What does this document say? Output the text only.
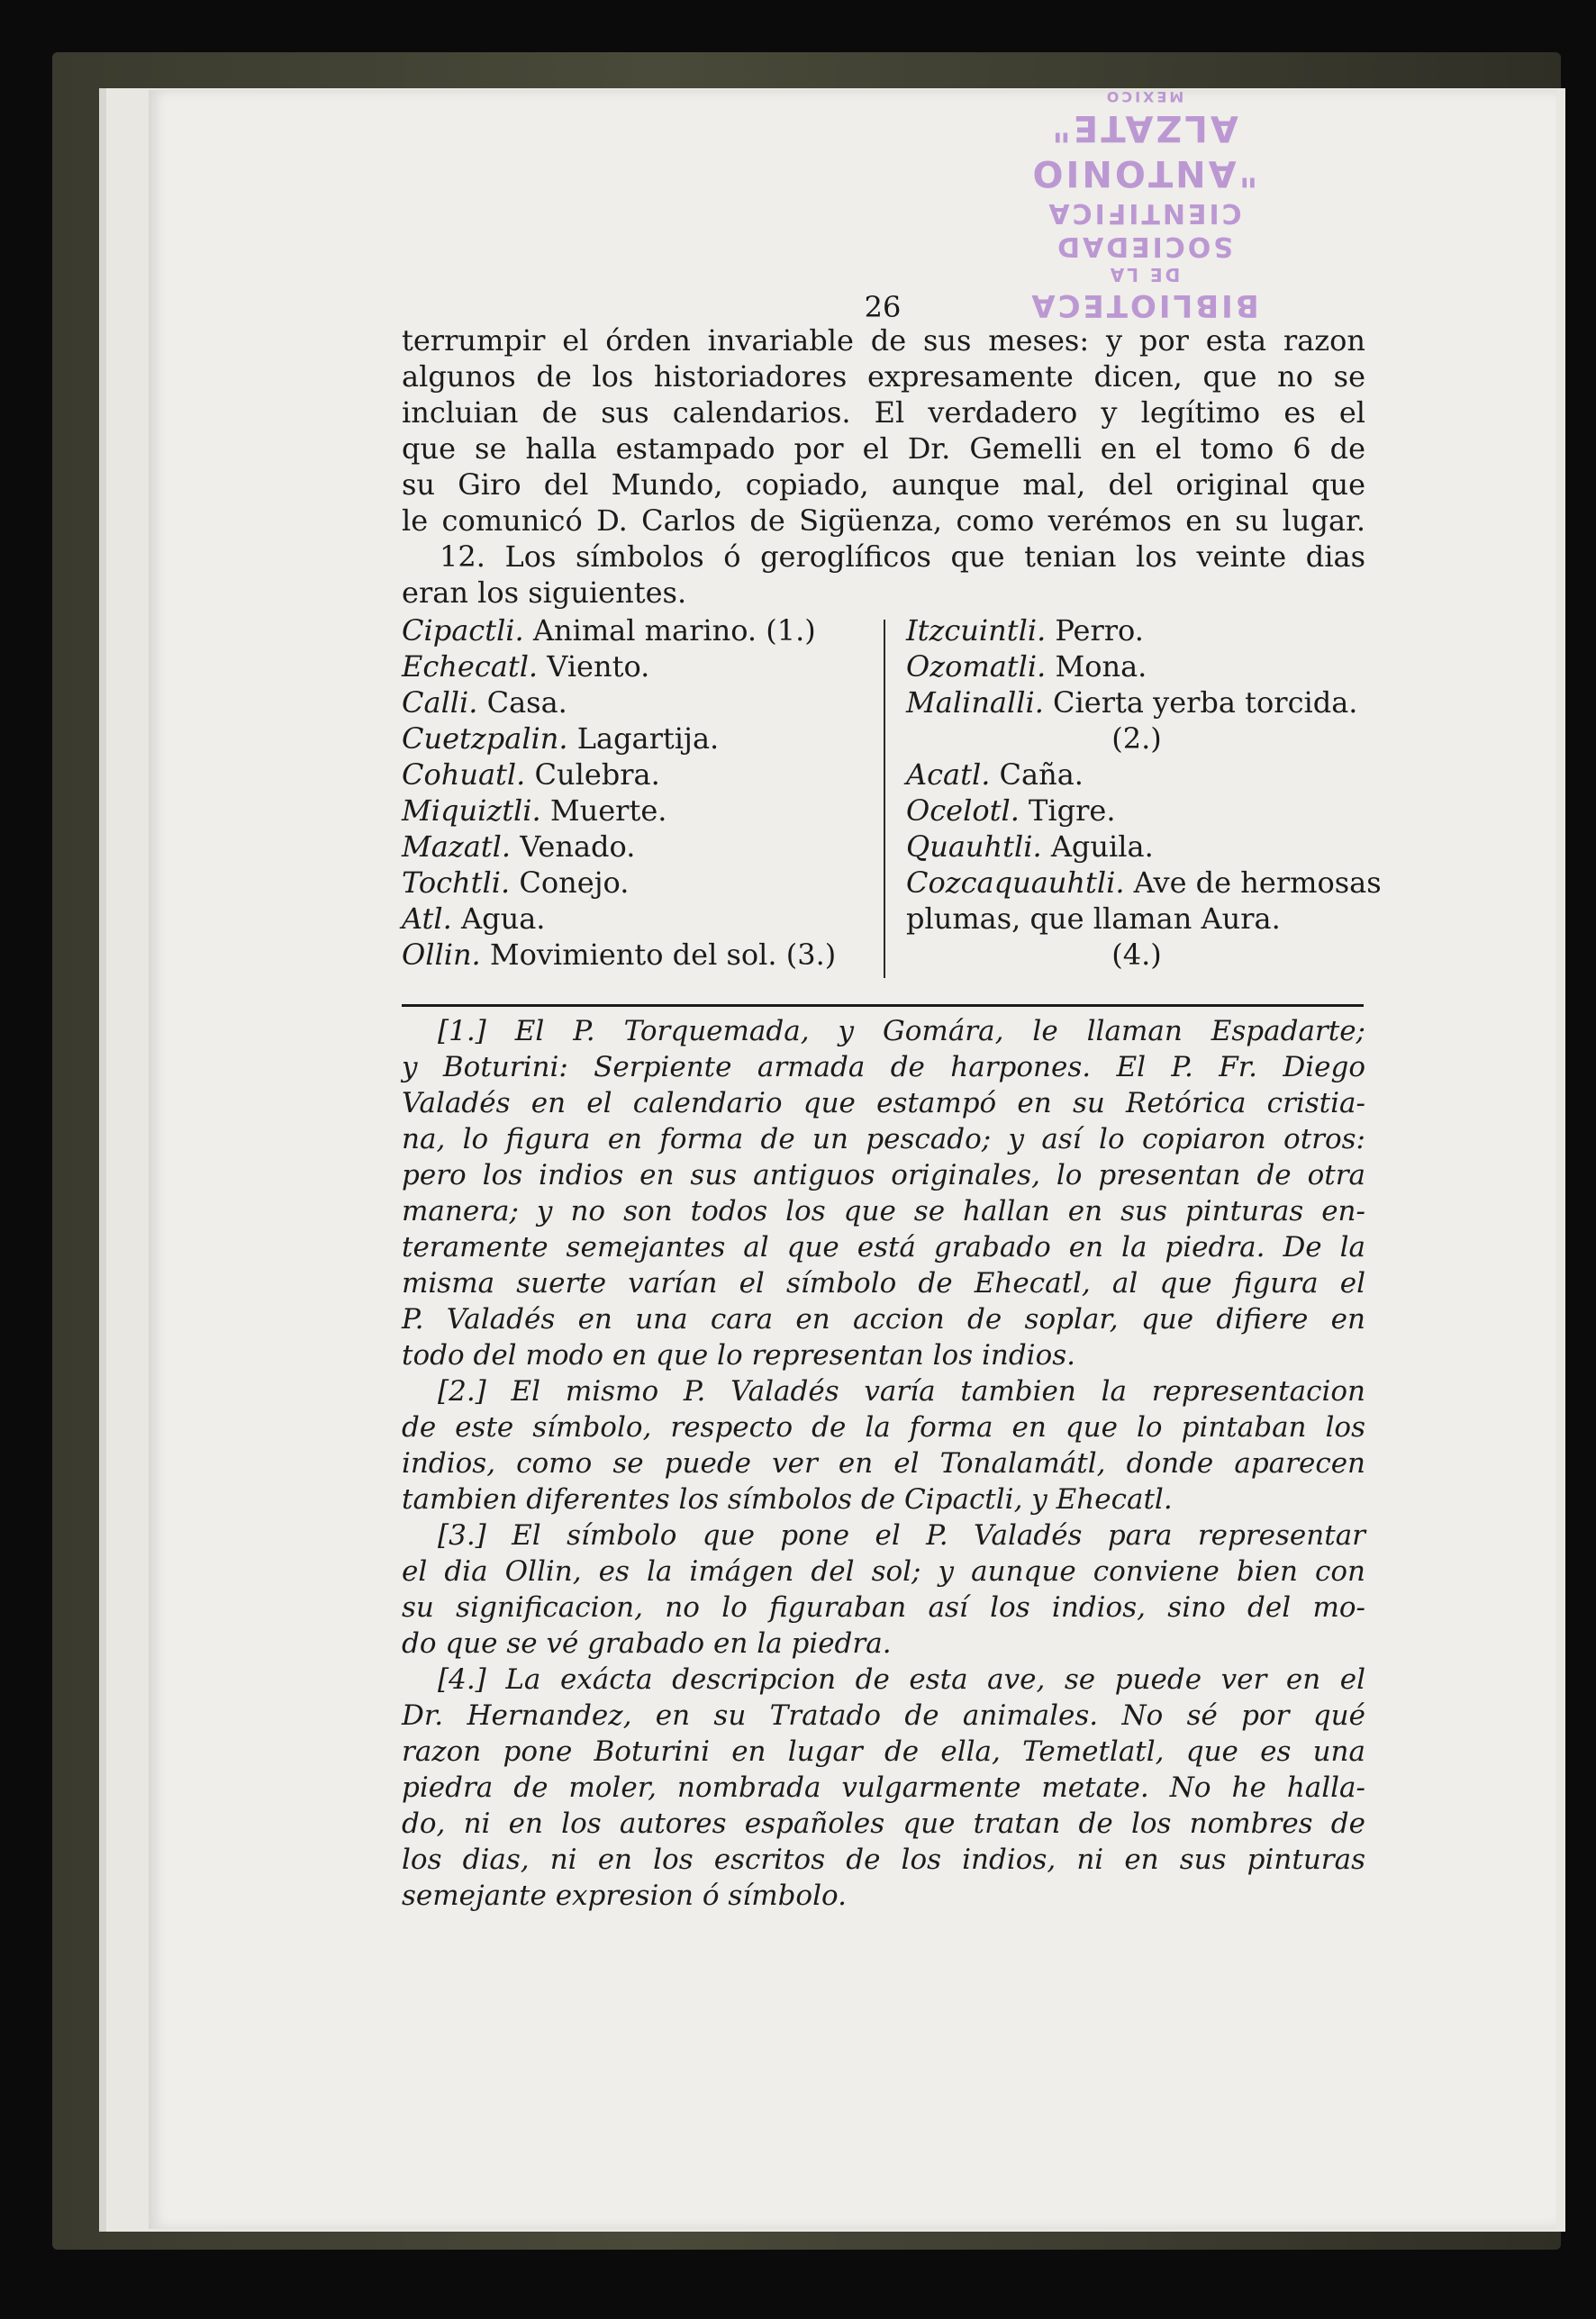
BIBLIOTECA
DE LA
SOCIEDAD CIENTIFICA
"ANTONIO ALZATE"
MEXICO
26

terrumpir el órden invariable de sus meses: y por esta razon

algunos de los historiadores expresamente dicen, que no se

incluian de sus calendarios. El verdadero y legítimo es el

que se halla estampado por el Dr. Gemelli en el tomo 6 de

su Giro del Mundo, copiado, aunque mal, del original que

le comunicó D. Carlos de Sigüenza, como verémos en su lugar.

12. Los símbolos ó geroglíficos que tenian los veinte dias

eran los siguientes.

Cipactli. Animal marino. (1.)
Echecatl. Viento.
Calli. Casa.
Cuetzpalin. Lagartija.
Cohuatl. Culebra.
Miquiztli. Muerte.
Mazatl. Venado.
Tochtli. Conejo.
Atl. Agua.
Ollin. Movimiento del sol. (3.)
Itzcuintli. Perro.
Ozomatli. Mona.
Malinalli. Cierta yerba torcida.
(2.)
Acatl. Caña.
Ocelotl. Tigre.
Quauhtli. Aguila.
Cozcaquauhtli. Ave de hermosas
plumas, que llaman Aura.
(4.)
[1.] El P. Torquemada, y Gomára, le llaman Espadarte;
y Boturini: Serpiente armada de harpones. El P. Fr. Diego
Valadés en el calendario que estampó en su Retórica cristia-
na, lo figura en forma de un pescado; y así lo copiaron otros:
pero los indios en sus antiguos originales, lo presentan de otra
manera; y no son todos los que se hallan en sus pinturas en-
teramente semejantes al que está grabado en la piedra. De la
misma suerte varían el símbolo de Ehecatl, al que figura el
P. Valadés en una cara en accion de soplar, que difiere en
todo del modo en que lo representan los indios.
[2.] El mismo P. Valadés varía tambien la representacion
de este símbolo, respecto de la forma en que lo pintaban los
indios, como se puede ver en el Tonalamátl, donde aparecen
tambien diferentes los símbolos de Cipactli, y Ehecatl.
[3.] El símbolo que pone el P. Valadés para representar
el dia Ollin, es la imágen del sol; y aunque conviene bien con
su significacion, no lo figuraban así los indios, sino del mo-
do que se vé grabado en la piedra.
[4.] La exácta descripcion de esta ave, se puede ver en el
Dr. Hernandez, en su Tratado de animales. No sé por qué
razon pone Boturini en lugar de ella, Temetlatl, que es una
piedra de moler, nombrada vulgarmente metate. No he halla-
do, ni en los autores españoles que tratan de los nombres de
los dias, ni en los escritos de los indios, ni en sus pinturas
semejante expresion ó símbolo.
